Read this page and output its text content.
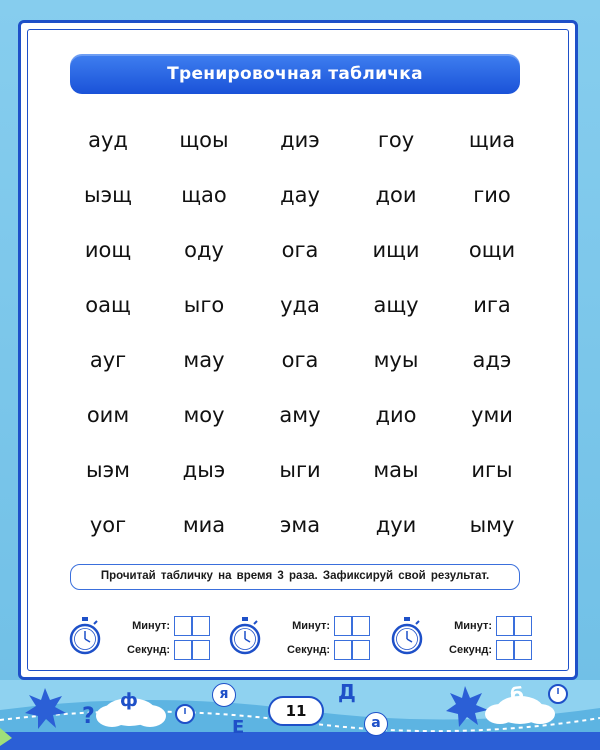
Тренировочная табличка
ауд	щоы	диэ	гоу	щиа
ыэщ	щао	дау	дои	гио
иощ	оду	ога	ищи	ощи
оащ	ыго	уда	ащу	ига
ауг	мау	ога	муы	адэ
оим	моу	аму	дио	уми
ыэм	дыэ	ыги	маы	игы
уог	миа	эма	дуи	ыму
Прочитай табличку на время 3 раза. Зафиксируй свой результат.
Минут:
Секунд:
Минут:
Секунд:
Минут:
Секунд:
?
ф	я
Е
Д
а
б
11
